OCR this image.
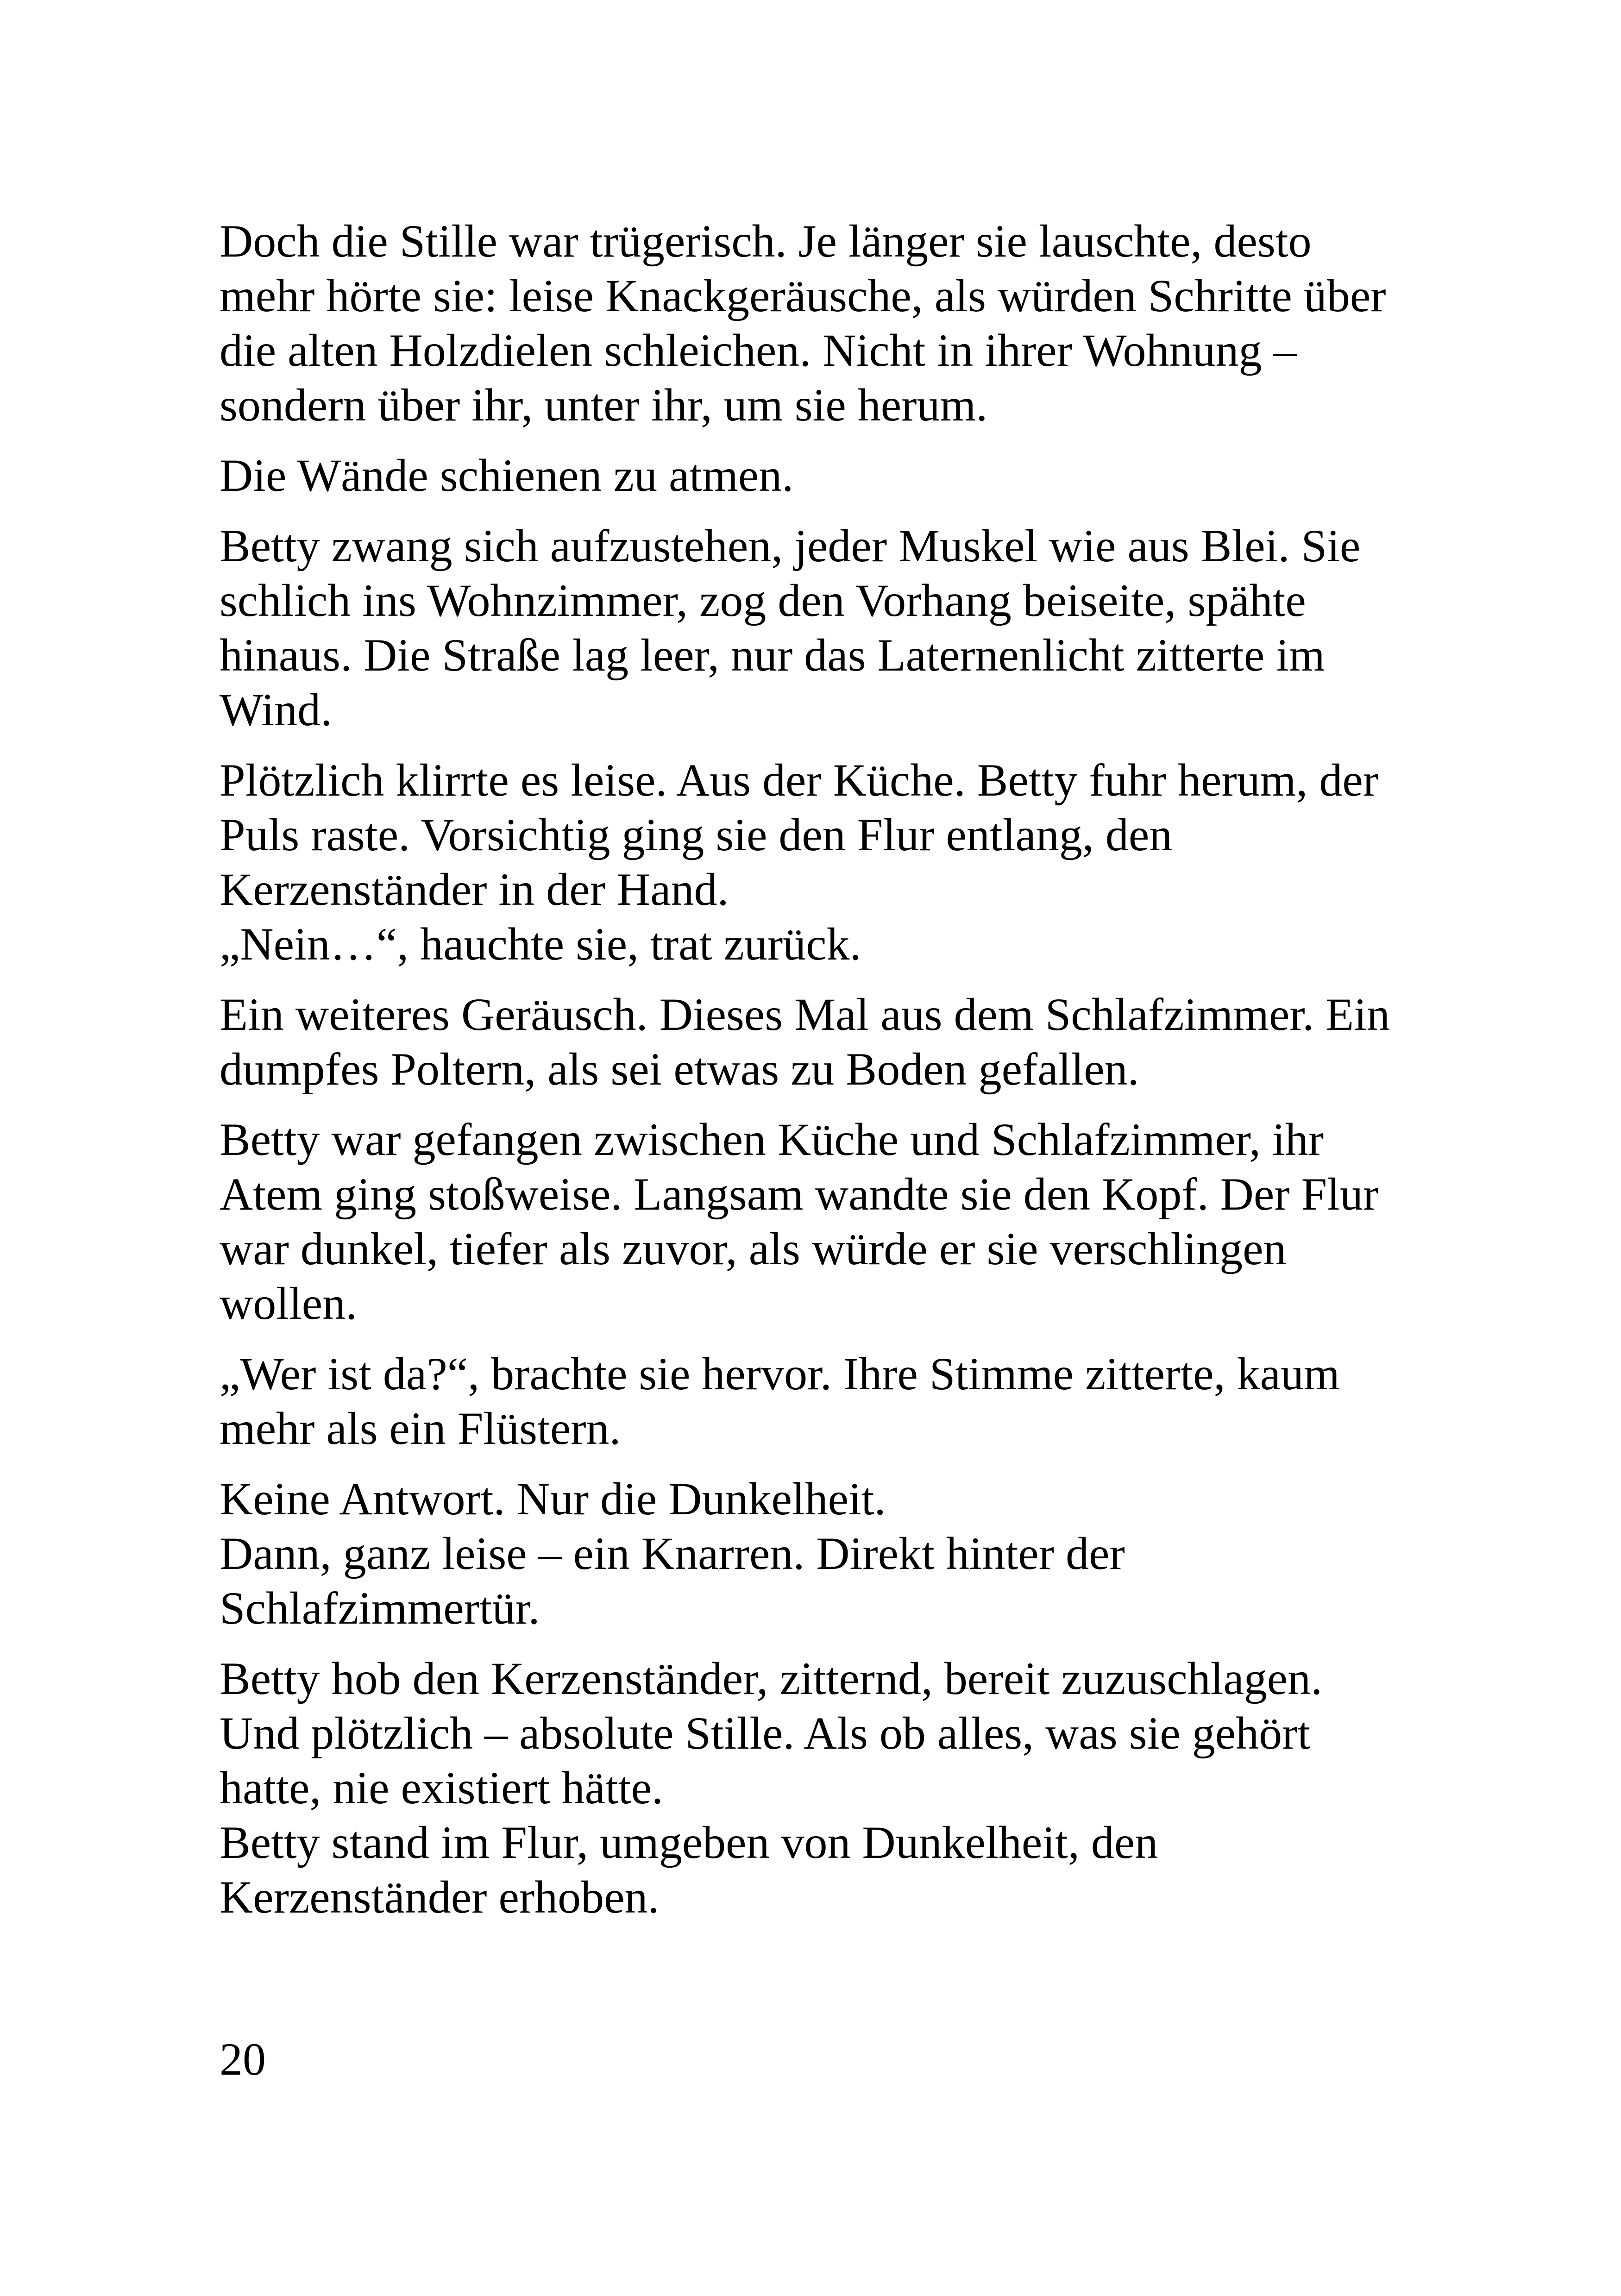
Doch die Stille war trügerisch. Je länger sie lauschte, desto
mehr hörte sie: leise Knackgeräusche, als würden Schritte über
die alten Holzdielen schleichen. Nicht in ihrer Wohnung –
sondern über ihr, unter ihr, um sie herum.

Die Wände schienen zu atmen.

Betty zwang sich aufzustehen, jeder Muskel wie aus Blei. Sie
schlich ins Wohnzimmer, zog den Vorhang beiseite, spähte
hinaus. Die Straße lag leer, nur das Laternenlicht zitterte im
Wind.

Plötzlich klirrte es leise. Aus der Küche. Betty fuhr herum, der
Puls raste. Vorsichtig ging sie den Flur entlang, den
Kerzenständer in der Hand.
„Nein…“, hauchte sie, trat zurück.

Ein weiteres Geräusch. Dieses Mal aus dem Schlafzimmer. Ein
dumpfes Poltern, als sei etwas zu Boden gefallen.

Betty war gefangen zwischen Küche und Schlafzimmer, ihr
Atem ging stoßweise. Langsam wandte sie den Kopf. Der Flur
war dunkel, tiefer als zuvor, als würde er sie verschlingen
wollen.

„Wer ist da?“, brachte sie hervor. Ihre Stimme zitterte, kaum
mehr als ein Flüstern.

Keine Antwort. Nur die Dunkelheit.
Dann, ganz leise – ein Knarren. Direkt hinter der
Schlafzimmertür.

Betty hob den Kerzenständer, zitternd, bereit zuzuschlagen.
Und plötzlich – absolute Stille. Als ob alles, was sie gehört
hatte, nie existiert hätte.
Betty stand im Flur, umgeben von Dunkelheit, den
Kerzenständer erhoben.

20
